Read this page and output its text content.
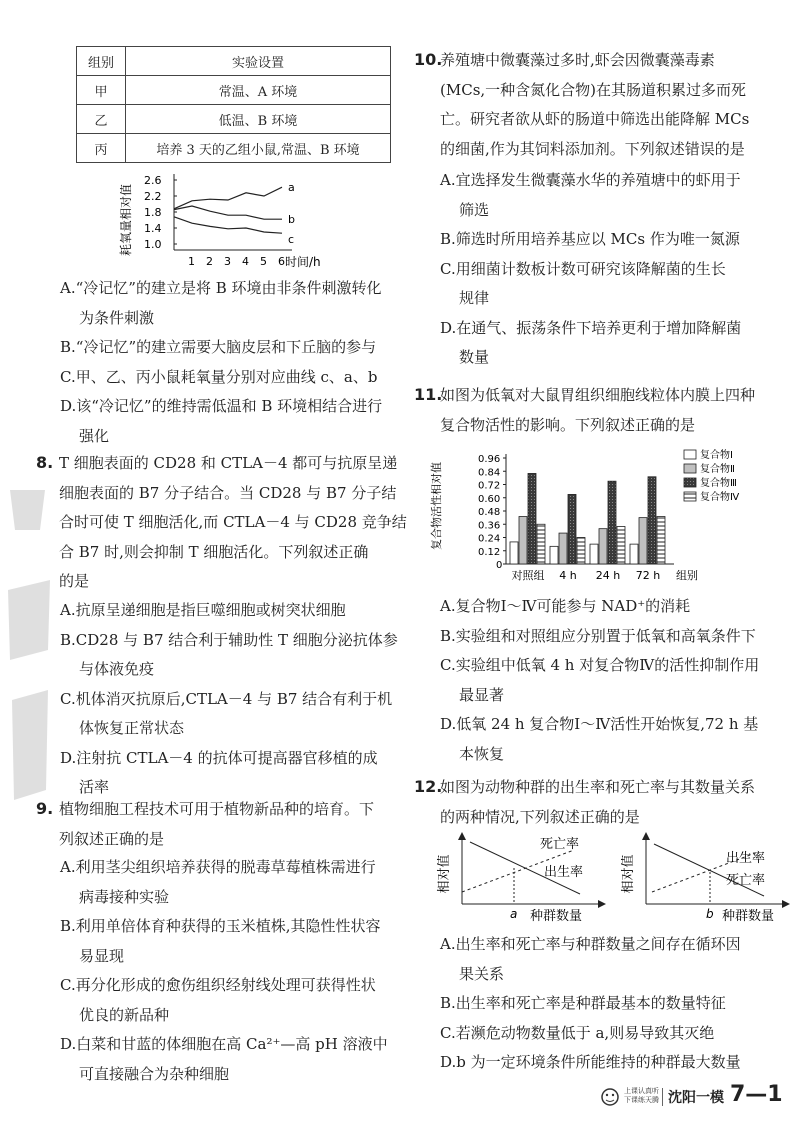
组别	实验设置
甲	常温、A 环境
乙	低温、B 环境
丙	培养 3 天的乙组小鼠,常温、B 环境
耗氧量相对值
2.6
2.2
1.8
1.4
1.0
1 2 3 4 5 6
a
b
c
时间/h
A.“冷记忆”的建立是将 B 环境由非条件刺激转化
为条件刺激
B.“冷记忆”的建立需要大脑皮层和下丘脑的参与
C.甲、乙、丙小鼠耗氧量分别对应曲线 c、a、b
D.该“冷记忆”的维持需低温和 B 环境相结合进行
强化
8. T 细胞表面的 CD28 和 CTLA－4 都可与抗原呈递
细胞表面的 B7 分子结合。当 CD28 与 B7 分子结
合时可使 T 细胞活化,而 CTLA－4 与 CD28 竞争结
合 B7 时,则会抑制 T 细胞活化。下列叙述正确
的是
A.抗原呈递细胞是指巨噬细胞或树突状细胞
B.CD28 与 B7 结合利于辅助性 T 细胞分泌抗体参
与体液免疫
C.机体消灭抗原后,CTLA－4 与 B7 结合有利于机
体恢复正常状态
D.注射抗 CTLA－4 的抗体可提高器官移植的成
活率
9. 植物细胞工程技术可用于植物新品种的培育。下
列叙述正确的是
A.利用茎尖组织培养获得的脱毒草莓植株需进行
病毒接种实验
B.利用单倍体育种获得的玉米植株,其隐性性状容
易显现
C.再分化形成的愈伤组织经射线处理可获得性状
优良的新品种
D.白菜和甘蓝的体细胞在高 Ca²⁺—高 pH 溶液中
可直接融合为杂种细胞
10.
养殖塘中微囊藻过多时,虾会因微囊藻毒素
(MCs,一种含氮化合物)在其肠道积累过多而死
亡。研究者欲从虾的肠道中筛选出能降解 MCs
的细菌,作为其饲料添加剂。下列叙述错误的是
A.宜选择发生微囊藻水华的养殖塘中的虾用于
筛选
B.筛选时所用培养基应以 MCs 作为唯一氮源
C.用细菌计数板计数可研究该降解菌的生长
规律
D.在通气、振荡条件下培养更利于增加降解菌
数量
11.
如图为低氧对大鼠胃组织细胞线粒体内膜上四种
复合物活性的影响。下列叙述正确的是
复合物活性相对值
0.96
0.84
0.72
0.60
0.48
0.36
0.24
0.12
0
对照组 4 h 24 h 72 h 组别
复合物Ⅰ
复合物Ⅱ
复合物Ⅲ
复合物Ⅳ
A.复合物Ⅰ～Ⅳ可能参与 NAD⁺的消耗
B.实验组和对照组应分别置于低氧和高氧条件下
C.实验组中低氧 4 h 对复合物Ⅳ的活性抑制作用
最显著
D.低氧 24 h 复合物Ⅰ～Ⅳ活性开始恢复,72 h 基
本恢复
12.
如图为动物种群的出生率和死亡率与其数量关系
的两种情况,下列叙述正确的是
相对值
死亡率
出生率
a 种群数量
相对值	出生率
死亡率
b 种群数量
A.出生率和死亡率与种群数量之间存在循环因
果关系
B.出生率和死亡率是种群最基本的数量特征
C.若濒危动物数量低于 a,则易导致其灭绝
D.b 为一定环境条件所能维持的种群最大数量
上课认真听
下课练天腾 沈阳一模 7—1
